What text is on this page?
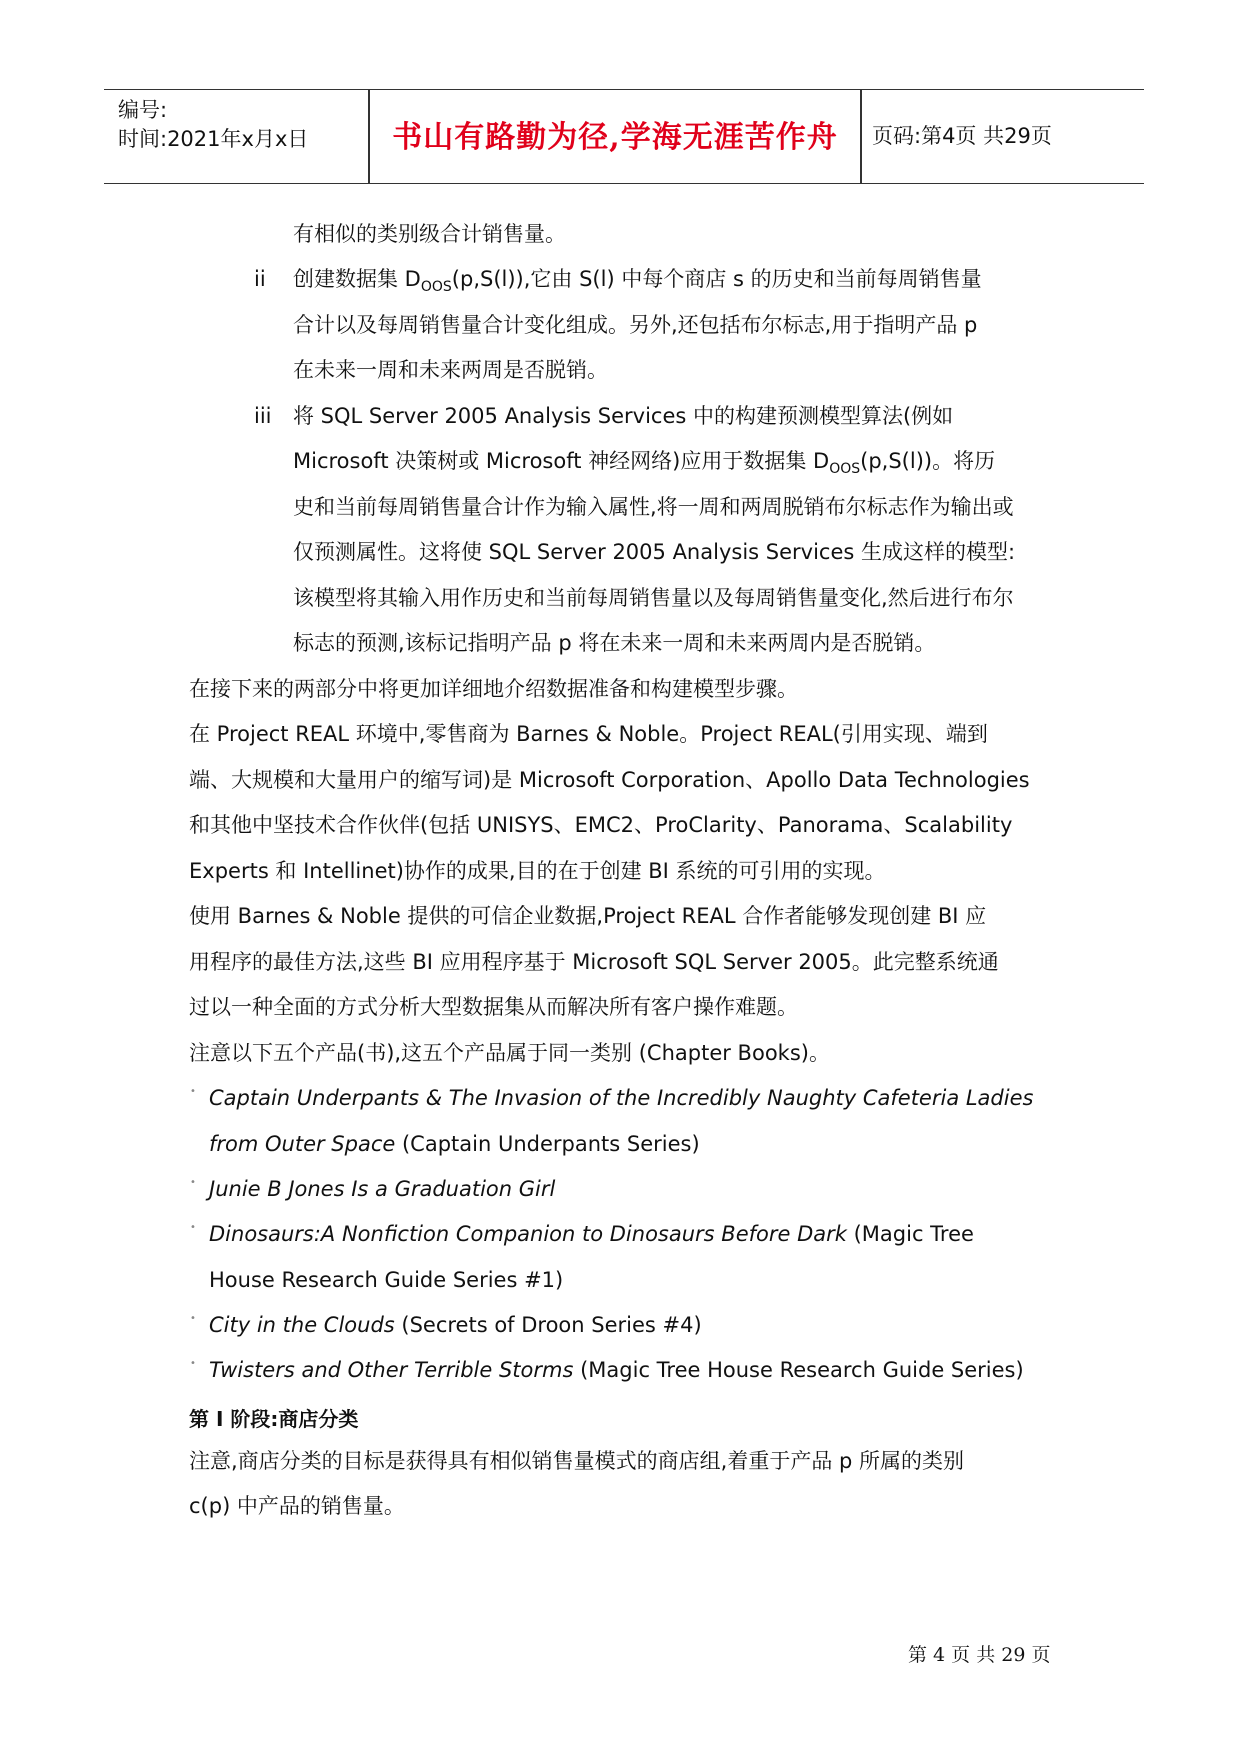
编号:
时间:2021年x月x日	书山有路勤为径,学海无涯苦作舟	页码:第4页 共29页
有相似的类别级合计销售量。
ii 创建数据集 $D_{OOS}(p,S(l))$,它由 S(l) 中每个商店 s 的历史和当前每周销售量
合计以及每周销售量合计变化组成。另外,还包括布尔标志,用于指明产品 p
在未来一周和未来两周是否脱销。
iii 将 SQL Server 2005 Analysis Services 中的构建预测模型算法(例如
Microsoft 决策树或 Microsoft 神经网络)应用于数据集 $D_{OOS}(p,S(l))$。将历
史和当前每周销售量合计作为输入属性,将一周和两周脱销布尔标志作为输出或
仅预测属性。这将使 SQL Server 2005 Analysis Services 生成这样的模型:
该模型将其输入用作历史和当前每周销售量以及每周销售量变化,然后进行布尔
标志的预测,该标记指明产品 p 将在未来一周和未来两周内是否脱销。
在接下来的两部分中将更加详细地介绍数据准备和构建模型步骤。
在 Project REAL 环境中,零售商为 Barnes & Noble。Project REAL(引用实现、端到
端、大规模和大量用户的缩写词)是 Microsoft Corporation、Apollo Data Technologies
和其他中坚技术合作伙伴(包括 UNISYS、EMC2、ProClarity、Panorama、Scalability
Experts 和 Intellinet)协作的成果,目的在于创建 BI 系统的可引用的实现。
使用 Barnes & Noble 提供的可信企业数据,Project REAL 合作者能够发现创建 BI 应
用程序的最佳方法,这些 BI 应用程序基于 Microsoft SQL Server 2005。此完整系统通
过以一种全面的方式分析大型数据集从而解决所有客户操作难题。
注意以下五个产品(书),这五个产品属于同一类别 (Chapter Books)。
• Captain Underpants & The Invasion of the Incredibly Naughty Cafeteria Ladies
from Outer Space (Captain Underpants Series)
• Junie B Jones Is a Graduation Girl
• Dinosaurs:A Nonfiction Companion to Dinosaurs Before Dark (Magic Tree
House Research Guide Series #1)
• City in the Clouds (Secrets of Droon Series #4)
• Twisters and Other Terrible Storms (Magic Tree House Research Guide Series)
第 I 阶段:商店分类
注意,商店分类的目标是获得具有相似销售量模式的商店组,着重于产品 p 所属的类别
c(p) 中产品的销售量。
第 4 页 共 29 页
